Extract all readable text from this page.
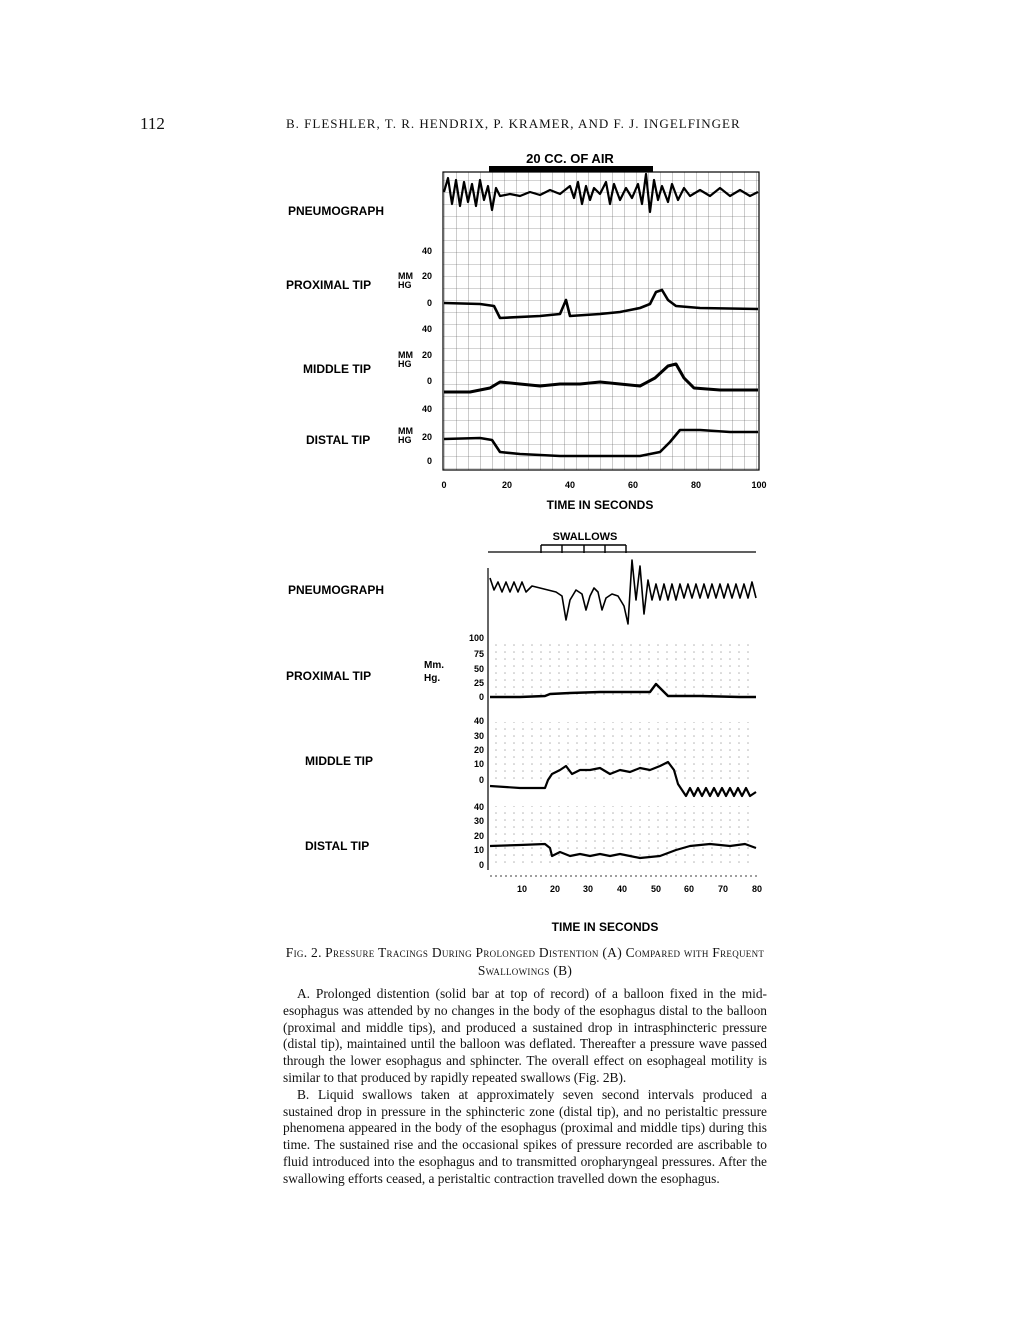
112	B. FLESHLER, T. R. HENDRIX, P. KRAMER, AND F. J. INGELFINGER
20 CC. OF AIR
PNEUMOGRAPH
PROXIMAL TIP
MIDDLE TIP
DISTAL TIP
MM
HG
MM
HG
MM
HG
40
20
0
40
20
0
40
20
0
0	20	40	60	80	100
TIME IN SECONDS
SWALLOWS
PNEUMOGRAPH
PROXIMAL TIP
MIDDLE TIP
DISTAL TIP
Mm.
Hg.
100
75
50
25
0
40
30
20
10
0
40
30
20
10
0
10	20	30	40	50	60	70	80
TIME IN SECONDS
Fig. 2. Pressure Tracings During Prolonged Distention (A) Compared with Frequent Swallowings (B)

A. Prolonged distention (solid bar at top of record) of a balloon fixed in the mid-esophagus was attended by no changes in the body of the esophagus distal to the balloon (proximal and middle tips), and produced a sustained drop in intrasphincteric pressure (distal tip), maintained until the balloon was deflated. Thereafter a pressure wave passed through the lower esophagus and sphincter. The overall effect on esophageal motility is similar to that produced by rapidly repeated swallows (Fig. 2B).

B. Liquid swallows taken at approximately seven second intervals produced a sustained drop in pressure in the sphincteric zone (distal tip), and no peristaltic pressure phenomena appeared in the body of the esophagus (proximal and middle tips) during this time. The sustained rise and the occasional spikes of pressure recorded are ascribable to fluid introduced into the esophagus and to transmitted oropharyngeal pressures. After the swallowing efforts ceased, a peristaltic contraction travelled down the esophagus.
